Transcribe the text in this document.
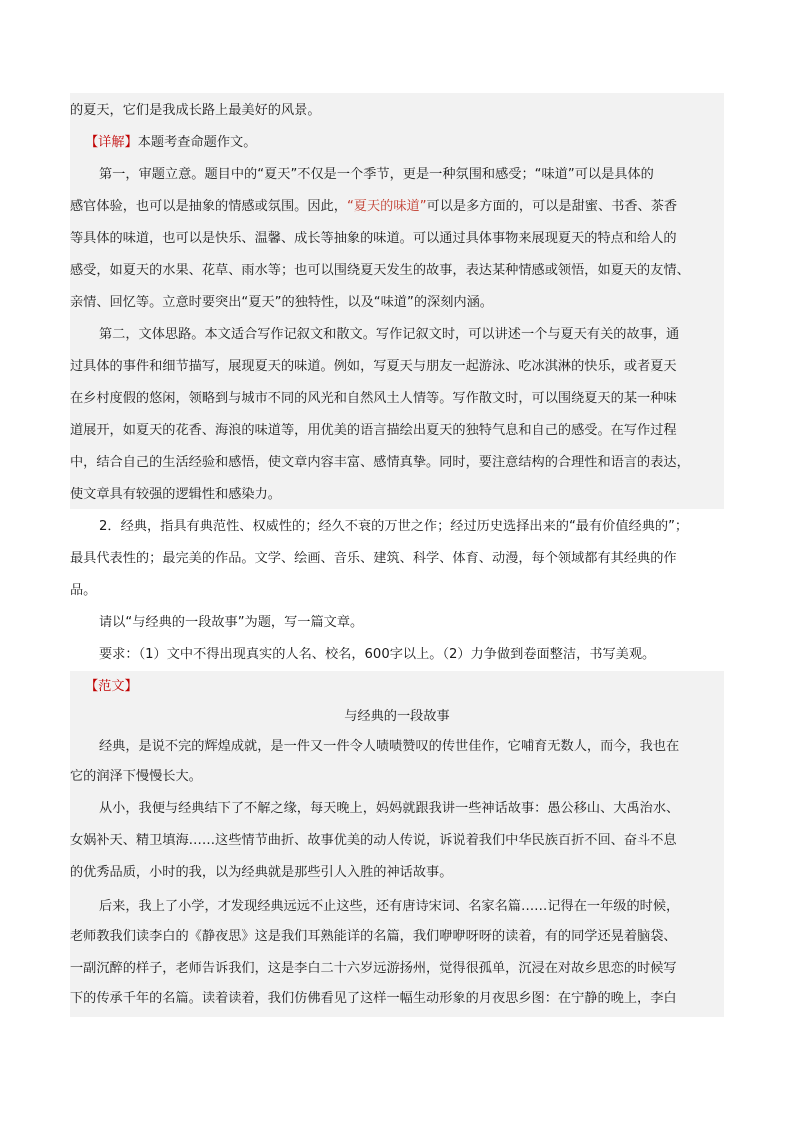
的夏天，它们是我成长路上最美好的风景。
【详解】本题考查命题作文。
第一，审题立意。题目中的“夏天”不仅是一个季节，更是一种氛围和感受；“味道”可以是具体的
感官体验，也可以是抽象的情感或氛围。因此，“夏天的味道”可以是多方面的，可以是甜蜜、书香、茶香
等具体的味道，也可以是快乐、温馨、成长等抽象的味道。可以通过具体事物来展现夏天的特点和给人的
感受，如夏天的水果、花草、雨水等；也可以围绕夏天发生的故事，表达某种情感或领悟，如夏天的友情、
亲情、回忆等。立意时要突出“夏天”的独特性，以及“味道”的深刻内涵。
第二，文体思路。本文适合写作记叙文和散文。写作记叙文时，可以讲述一个与夏天有关的故事，通
过具体的事件和细节描写，展现夏天的味道。例如，写夏天与朋友一起游泳、吃冰淇淋的快乐，或者夏天
在乡村度假的悠闲，领略到与城市不同的风光和自然风土人情等。写作散文时，可以围绕夏天的某一种味
道展开，如夏天的花香、海浪的味道等，用优美的语言描绘出夏天的独特气息和自己的感受。在写作过程
中，结合自己的生活经验和感悟，使文章内容丰富、感情真挚。同时，要注意结构的合理性和语言的表达，
使文章具有较强的逻辑性和感染力。
2．经典，指具有典范性、权威性的；经久不衰的万世之作；经过历史选择出来的“最有价值经典的”；
最具代表性的；最完美的作品。文学、绘画、音乐、建筑、科学、体育、动漫，每个领域都有其经典的作
品。
请以“与经典的一段故事”为题，写一篇文章。
要求：（1）文中不得出现真实的人名、校名，600字以上。（2）力争做到卷面整洁，书写美观。
【范文】
与经典的一段故事
经典，是说不完的辉煌成就，是一件又一件令人啧啧赞叹的传世佳作，它哺育无数人，而今，我也在
它的润泽下慢慢长大。
从小，我便与经典结下了不解之缘，每天晚上，妈妈就跟我讲一些神话故事：愚公移山、大禹治水、
女娲补天、精卫填海……这些情节曲折、故事优美的动人传说，诉说着我们中华民族百折不回、奋斗不息
的优秀品质，小时的我，以为经典就是那些引人入胜的神话故事。
后来，我上了小学，才发现经典远远不止这些，还有唐诗宋词、名家名篇……记得在一年级的时候，
老师教我们读李白的《静夜思》这是我们耳熟能详的名篇，我们咿咿呀呀的读着，有的同学还晃着脑袋、
一副沉醉的样子，老师告诉我们，这是李白二十六岁远游扬州，觉得很孤单，沉浸在对故乡思恋的时候写
下的传承千年的名篇。读着读着，我们仿佛看见了这样一幅生动形象的月夜思乡图：在宁静的晚上，李白
